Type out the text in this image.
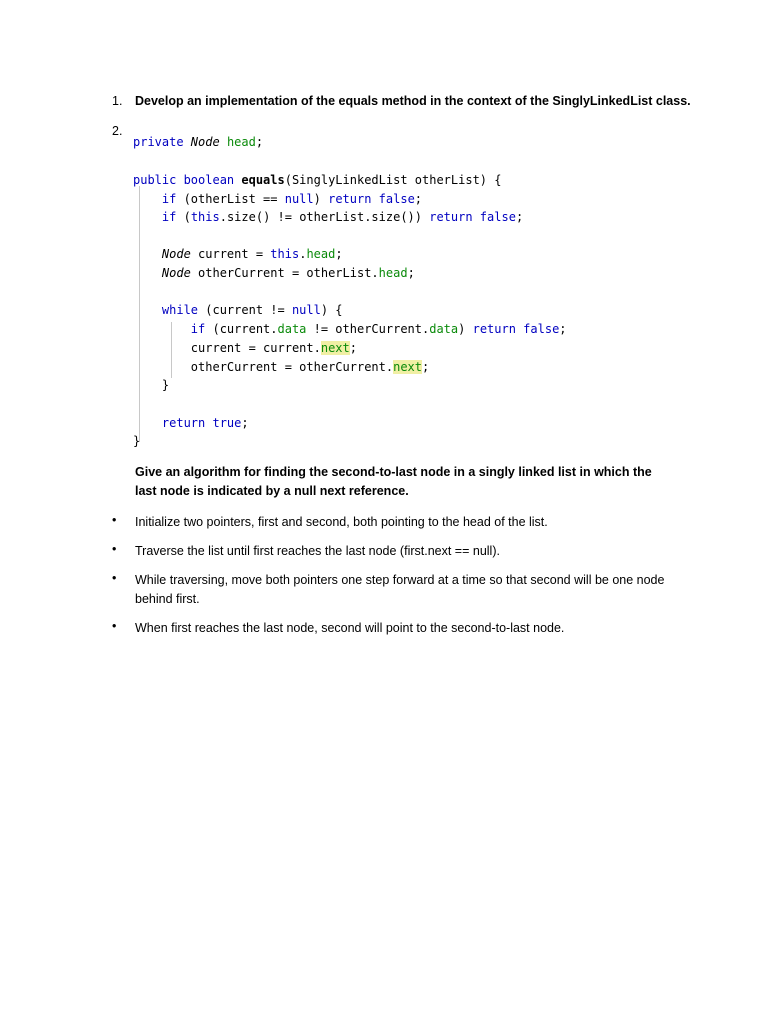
1. Develop an implementation of the equals method in the context of the SinglyLinkedList class.
2.
private Node head;
public boolean equals(SinglyLinkedList otherList) {
if (otherList == null) return false;
if (this.size() != otherList.size()) return false;
Node current = this.head;
Node otherCurrent = otherList.head;
while (current != null) {
if (current.data != otherCurrent.data) return false;
current = current.next;
otherCurrent = otherCurrent.next;
}
return true;
}
Give an algorithm for finding the second-to-last node in a singly linked list in which the last node is indicated by a null next reference.
• Initialize two pointers, first and second, both pointing to the head of the list.
• Traverse the list until first reaches the last node (first.next == null).
• While traversing, move both pointers one step forward at a time so that second will be one node behind first.
• When first reaches the last node, second will point to the second-to-last node.
